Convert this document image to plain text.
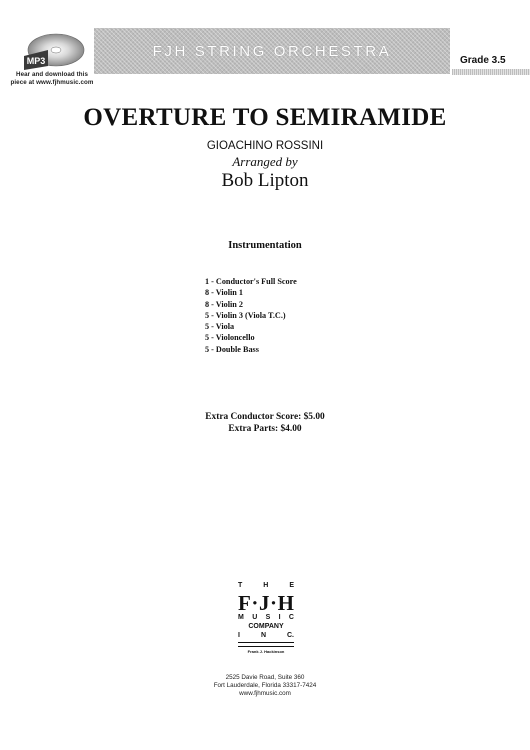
MP3
Hear and download this
piece at www.fjhmusic.com
FJH STRING ORCHESTRA
Grade 3.5
OVERTURE TO SEMIRAMIDE
GIOACHINO ROSSINI
Arranged by
Bob Lipton
Instrumentation
1 - Conductor's Full Score
8 - Violin 1
8 - Violin 2
5 - Violin 3 (Viola T.C.)
5 - Viola
5 - Violoncello
5 - Double Bass
Extra Conductor Score: $5.00
Extra Parts: $4.00
T	H	E
F · J · H
M U S I C
COMPANY
I	N	C.
Frank J. Hackinson
2525 Davie Road, Suite 360
Fort Lauderdale, Florida 33317-7424
www.fjhmusic.com
